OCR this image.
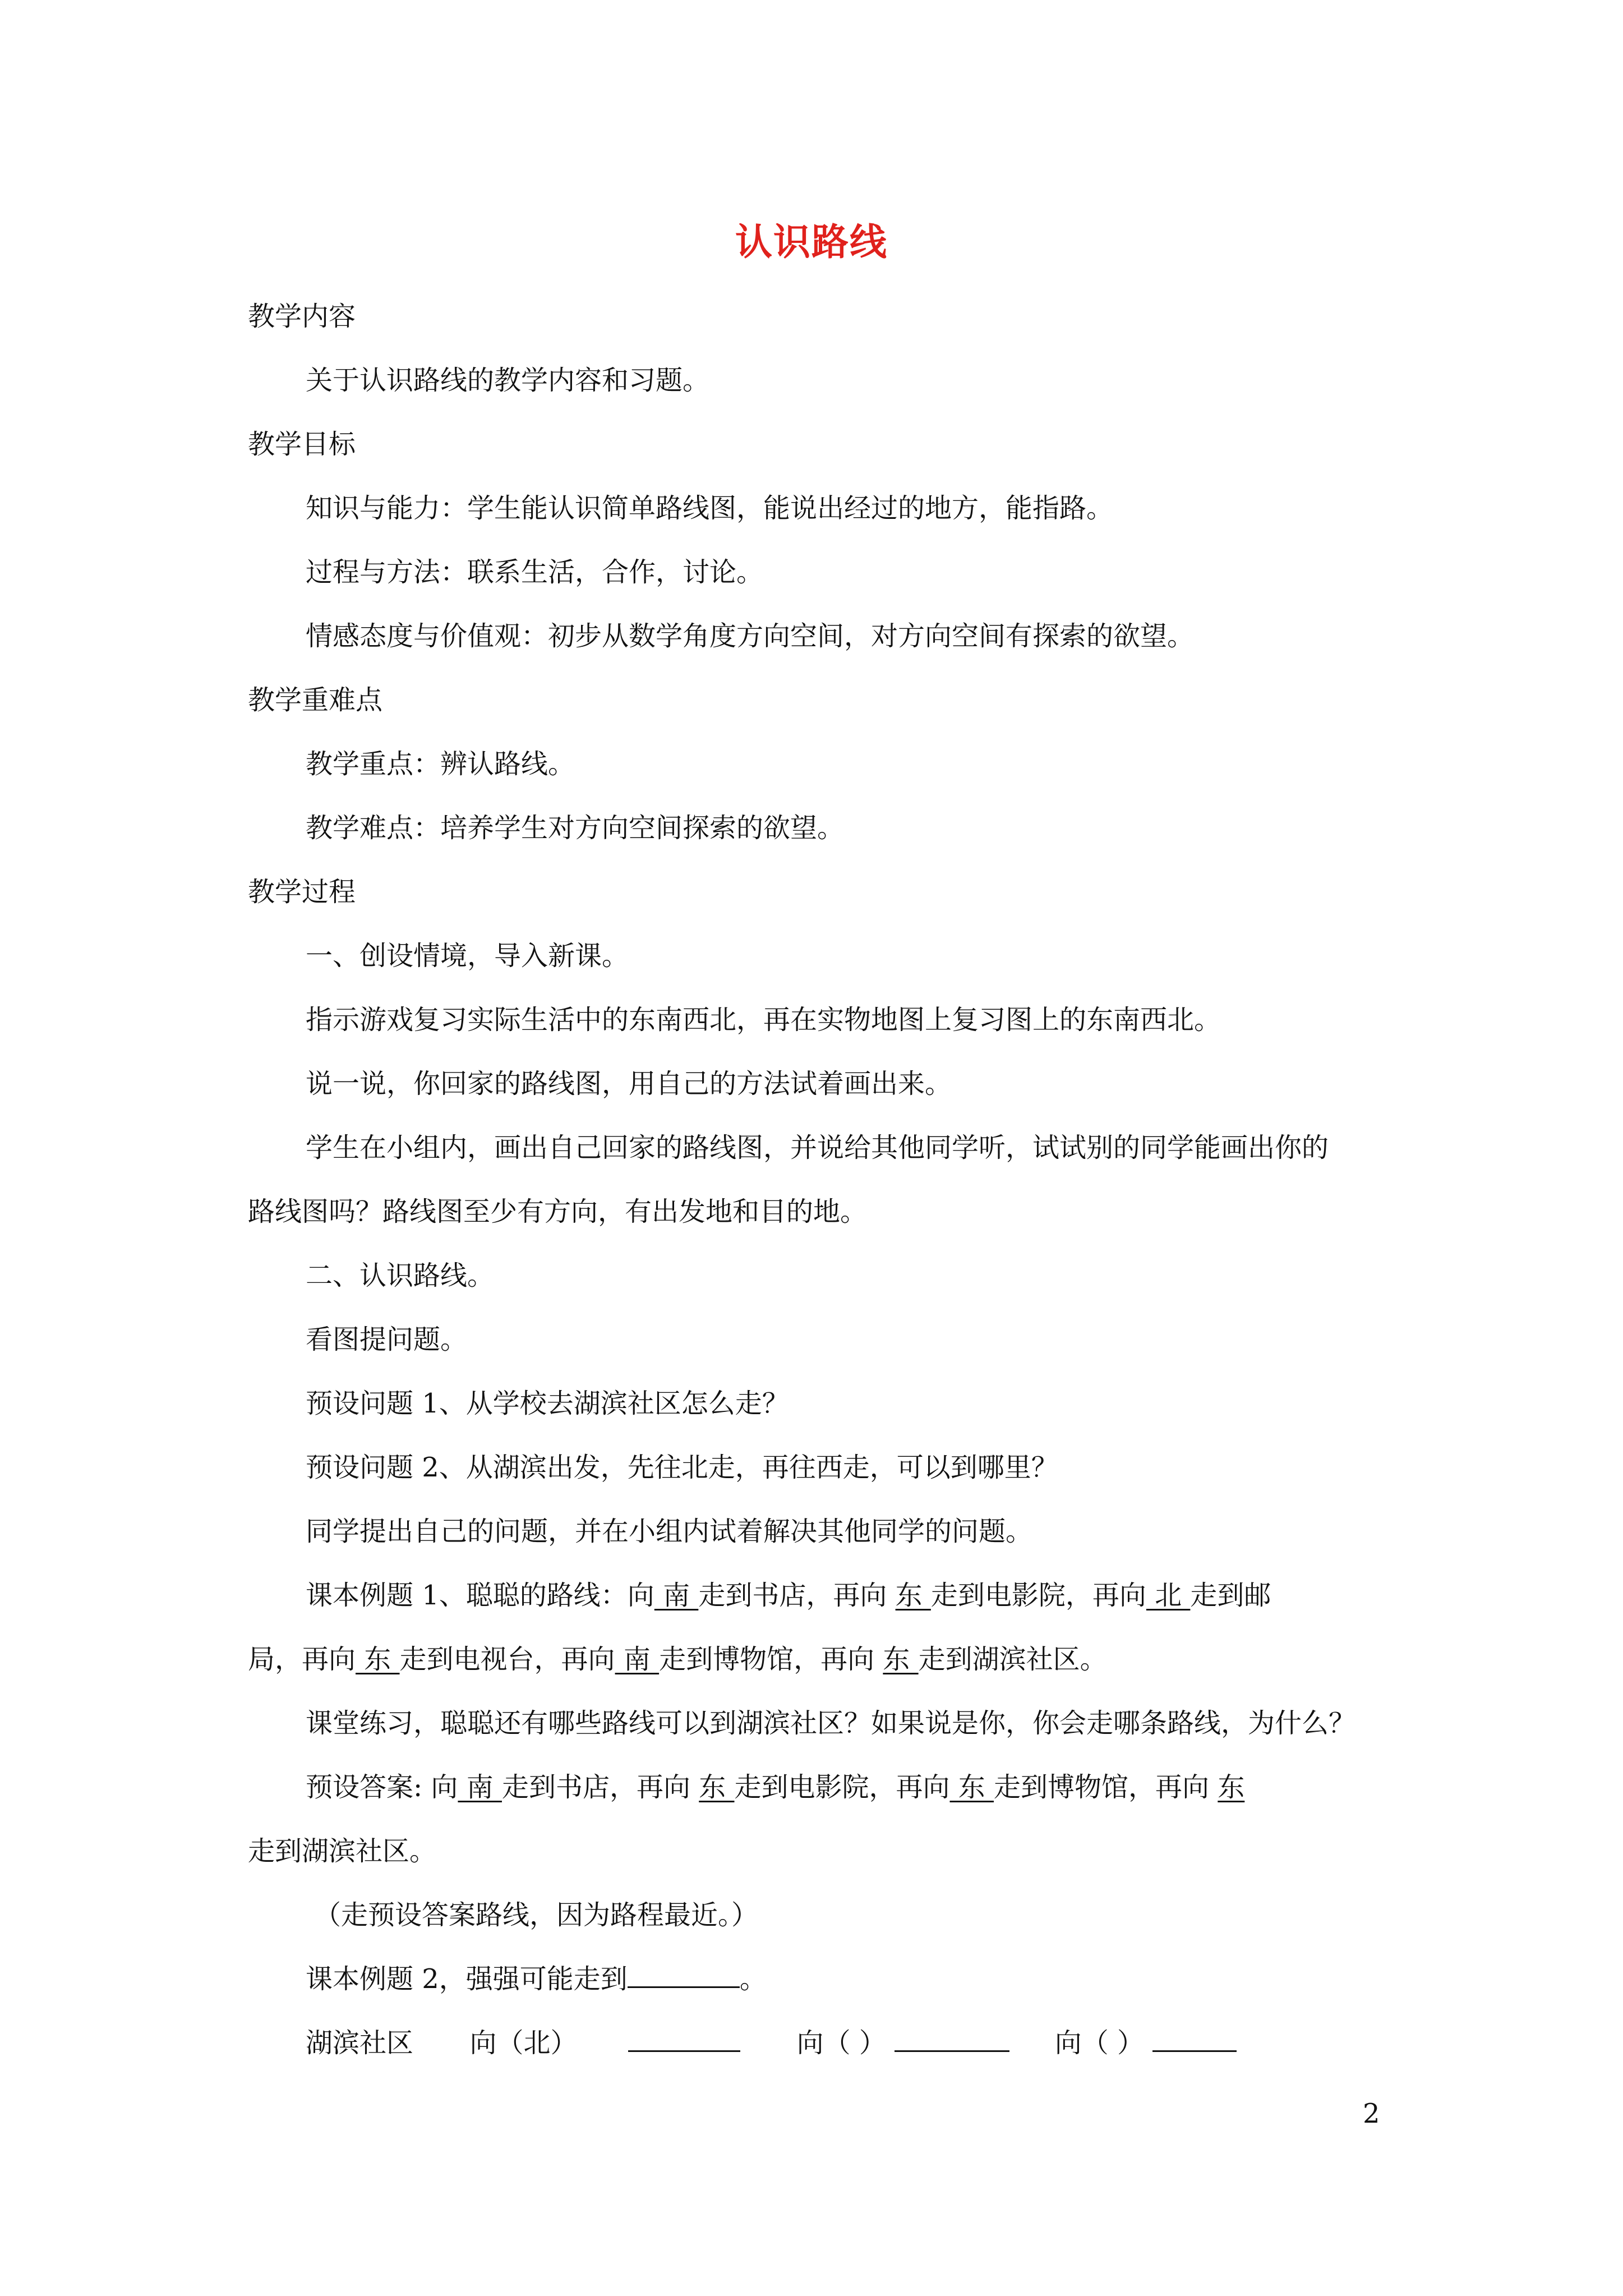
认识路线
教学内容
关于认识路线的教学内容和习题。
教学目标
知识与能力：学生能认识简单路线图，能说出经过的地方，能指路。
过程与方法：联系生活，合作，讨论。
情感态度与价值观：初步从数学角度方向空间，对方向空间有探索的欲望。
教学重难点
教学重点：辨认路线。
教学难点：培养学生对方向空间探索的欲望。
教学过程
一、创设情境，导入新课。
指示游戏复习实际生活中的东南西北，再在实物地图上复习图上的东南西北。
说一说，你回家的路线图，用自己的方法试着画出来。
学生在小组内，画出自己回家的路线图，并说给其他同学听，试试别的同学能画出你的
路线图吗？路线图至少有方向，有出发地和目的地。
二、认识路线。
看图提问题。
预设问题 1、从学校去湖滨社区怎么走？
预设问题 2、从湖滨出发，先往北走，再往西走，可以到哪里？
同学提出自己的问题，并在小组内试着解决其他同学的问题。
课本例题 1、聪聪的路线：向 南 走到书店，再向 东 走到电影院，再向 北 走到邮
局，再向 东 走到电视台，再向 南 走到博物馆，再向 东 走到湖滨社区。
课堂练习，聪聪还有哪些路线可以到湖滨社区？如果说是你，你会走哪条路线，为什么？
预设答案: 向 南 走到书店，再向 东 走到电影院，再向 东 走到博物馆，再向 东
走到湖滨社区。
（走预设答案路线，因为路程最近。）
课本例题 2，强强可能走到	。
湖滨社区 向（北）	向（ ）	向（ ）
2
